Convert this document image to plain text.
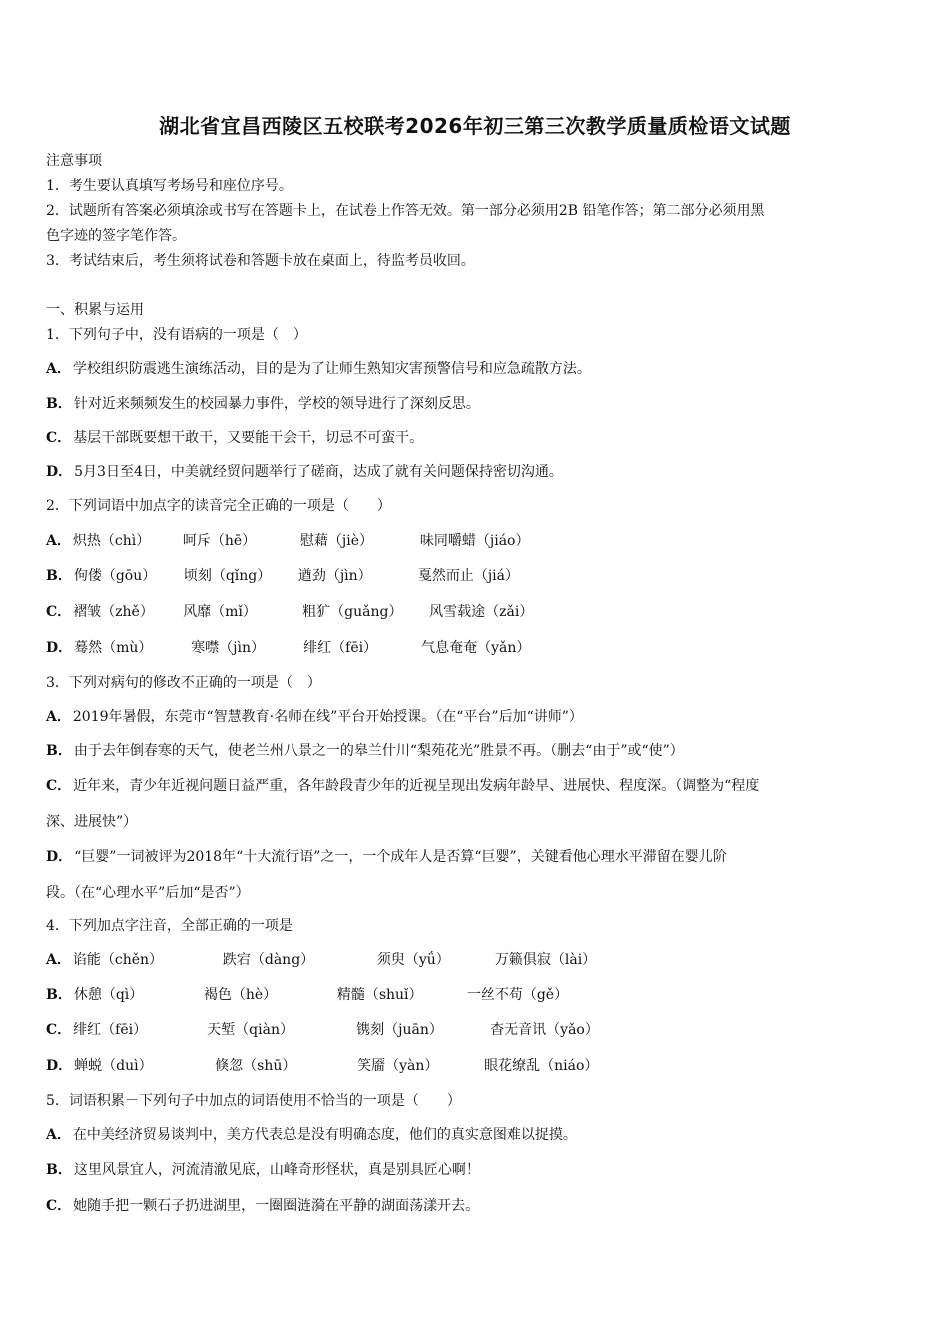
湖北省宜昌西陵区五校联考2026年初三第三次教学质量质检语文试题
注意事项
1．考生要认真填写考场号和座位序号。
2．试题所有答案必须填涂或书写在答题卡上，在试卷上作答无效。第一部分必须用2B 铅笔作答；第二部分必须用黑
色字迹的签字笔作答。
3．考试结束后，考生须将试卷和答题卡放在桌面上，待监考员收回。
一、积累与运用
1．下列句子中，没有语病的一项是（　）
A． 学校组织防震逃生演练活动，目的是为了让师生熟知灾害预警信号和应急疏散方法。
B． 针对近来频频发生的校园暴力事件，学校的领导进行了深刻反思。
C． 基层干部既要想干敢干，又要能干会干，切忌不可蛮干。
D． 5月3日至4日，中美就经贸问题举行了磋商，达成了就有关问题保持密切沟通。
2．下列词语中加点字的读音完全正确的一项是（　　）
A． 炽热（chì）	呵斥（hē）	慰藉（jiè）	味同嚼蜡（jiáo）
B． 佝偻（gōu）	顷刻（qǐng）	遒劲（jìn）	戛然而止（jiá）
C． 褶皱（zhě）	风靡（mǐ）	粗犷（guǎng）	风雪载途（zǎi）
D． 蓦然（mù）	寒噤（jìn）	绯红（fēi）	气息奄奄（yǎn）
3．下列对病句的修改不正确的一项是（　）
A． 2019年暑假，东莞市“智慧教育·名师在线”平台开始授课。（在“平台”后加“讲师”）
B． 由于去年倒春寒的天气，使老兰州八景之一的皋兰什川“梨苑花光”胜景不再。（删去“由于”或“使”）
C． 近年来，青少年近视问题日益严重，各年龄段青少年的近视呈现出发病年龄早、进展快、程度深。（调整为“程度
深、进展快”）
D． “巨婴”一词被评为2018年“十大流行语”之一，一个成年人是否算“巨婴”，关键看他心理水平滞留在婴儿阶
段。（在“心理水平”后加“是否”）
4．下列加点字注音，全部正确的一项是
A． 谄能（chěn）	跌宕（dàng）	须臾（yǘ）	万籁俱寂（lài）
B． 休憩（qì）	褐色（hè）	精髓（shuǐ）	一丝不苟（gě）
C． 绯红（fēi）	天堑（qiàn）	镌刻（juān）	杳无音讯（yǎo）
D． 蝉蜕（duì）	倏忽（shū）	笑靥（yàn）	眼花缭乱（niáo）
5．词语积累－下列句子中加点的词语使用不恰当的一项是（　　）
A． 在中美经济贸易谈判中，美方代表总是没有明确态度，他们的真实意图难以捉摸。
B． 这里风景宜人，河流清澈见底，山峰奇形怪状，真是别具匠心啊！
C． 她随手把一颗石子扔进湖里，一圈圈涟漪在平静的湖面荡漾开去。
